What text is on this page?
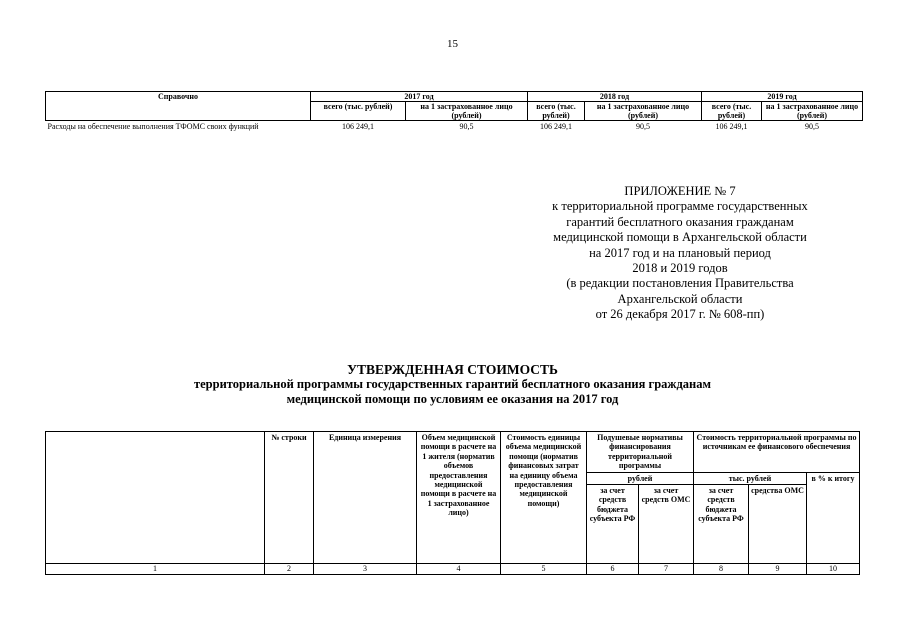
15
Справочно	2017 год		2018 год		2019 год	
	всего (тыс. рублей)	на 1 застрахованное лицо (рублей)	всего (тыс. рублей)	на 1 застрахованное лицо (рублей)	всего (тыс. рублей)	на 1 застрахованное лицо (рублей)
Расходы на обеспечение выполнения ТФОМС своих функций	106 249,1	90,5	106 249,1	90,5	106 249,1	90,5
ПРИЛОЖЕНИЕ № 7
к территориальной программе государственных
гарантий бесплатного оказания гражданам
медицинской помощи в Архангельской области
на 2017 год и на плановый период
2018 и 2019 годов
(в редакции постановления Правительства
Архангельской области
от 26 декабря 2017 г. № 608-пп)
УТВЕРЖДЕННАЯ СТОИМОСТЬ
территориальной программы государственных гарантий бесплатного оказания гражданам
медицинской помощи по условиям ее оказания на 2017 год
	№ строки	Единица измерения	Объем медицинской помощи в расчете на 1 жителя (норматив объемов предоставления медицинской помощи в расчете на 1 застрахованное лицо)	Стоимость единицы объема медицинской помощи (норматив финансовых затрат на единицу объема предоставления медицинской помощи)	Подушевые нормативы финансирования территориальной программы		Стоимость территориальной программы по источникам ее финансового обеспечения		
					рублей		тыс. рублей		в % к итогу
					за счет средств бюджета субъекта РФ	за счет средств ОМС	за счет средств бюджета субъекта РФ	средства ОМС	
1	2	3	4	5	6	7	8	9	10
